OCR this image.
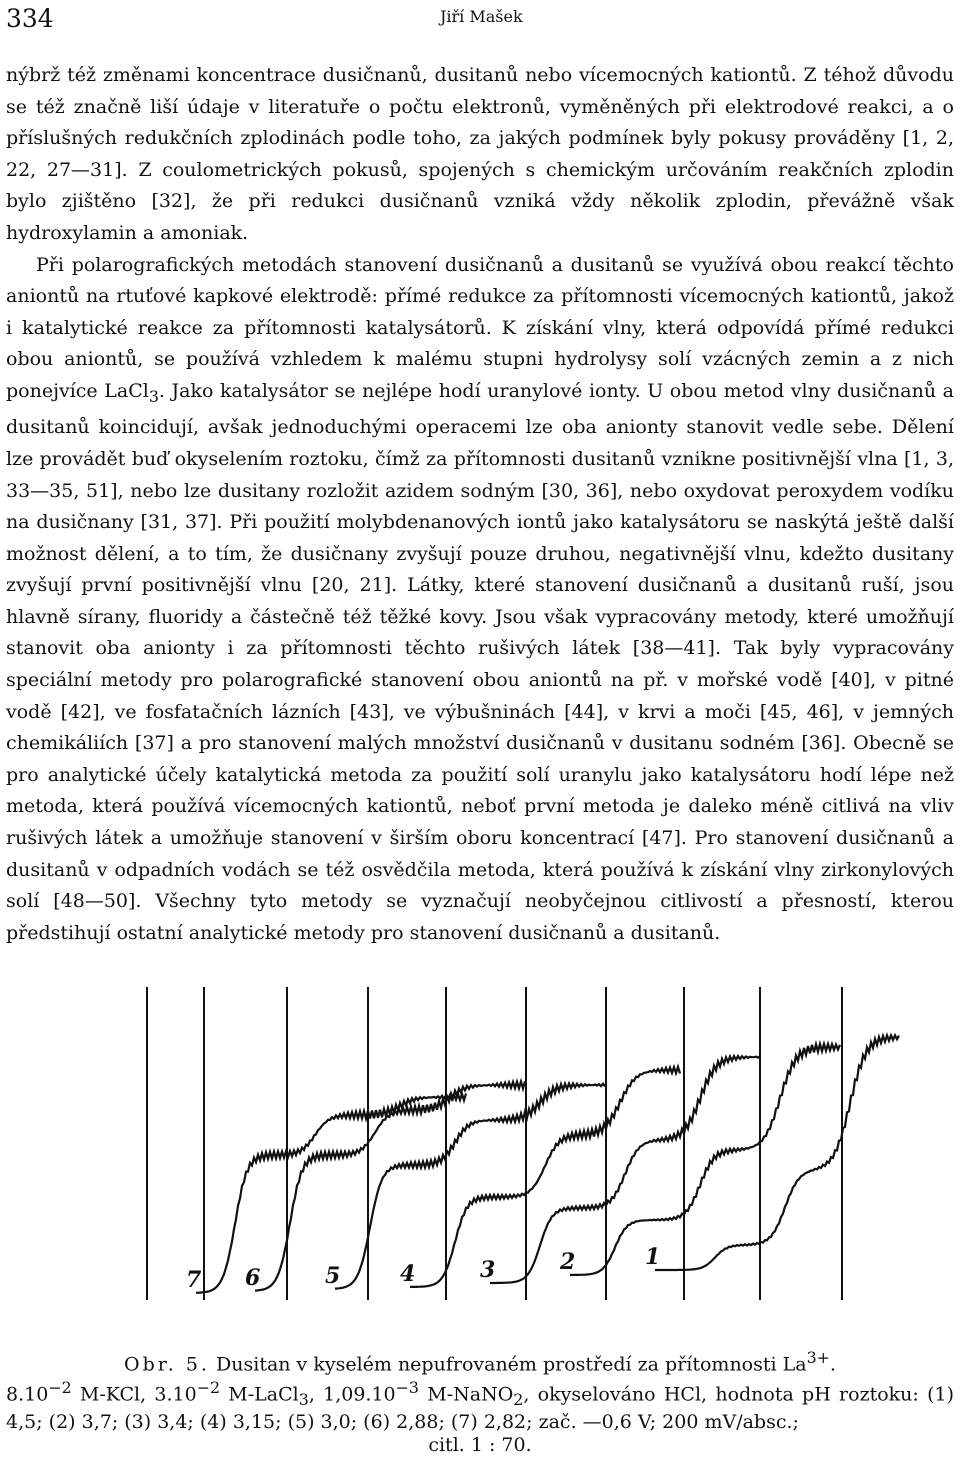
334	Jiří Mašek

nýbrž též změnami koncentrace dusičnanů, dusitanů nebo vícemocných kationtů. Z téhož důvodu se též značně liší údaje v literatuře o počtu elektronů, vyměněných při elektrodové reakci, a o příslušných redukčních zplodinách podle toho, za jakých podmínek byly pokusy prováděny [1, 2, 22, 27—31]. Z coulometrických pokusů, spojených s chemickým určováním reakčních zplodin bylo zjištěno [32], že při redukci dusičnanů vzniká vždy několik zplodin, převážně však hydroxylamin a amoniak.

Při polarografických metodách stanovení dusičnanů a dusitanů se využívá obou reakcí těchto aniontů na rtuťové kapkové elektrodě: přímé redukce za přítomnosti vícemocných kationtů, jakož i katalytické reakce za přítomnosti katalysátorů. K získání vlny, která odpovídá přímé redukci obou aniontů, se používá vzhledem k malému stupni hydrolysy solí vzácných zemin a z nich ponejvíce LaCl$_3$. Jako katalysátor se nejlépe hodí uranylové ionty. U obou metod vlny dusičnanů a dusitanů koincidují, avšak jednoduchými operacemi lze oba anionty stanovit vedle sebe. Dělení lze provádět buď okyselením roztoku, čímž za přítomnosti dusitanů vznikne positivnější vlna [1, 3, 33—35, 51], nebo lze dusitany rozložit azidem sodným [30, 36], nebo oxydovat peroxydem vodíku na dusičnany [31, 37]. Při použití molybdenanových iontů jako katalysátoru se naskýtá ještě další možnost dělení, a to tím, že dusičnany zvyšují pouze druhou, negativnější vlnu, kdežto dusitany zvyšují první positivnější vlnu [20, 21]. Látky, které stanovení dusičnanů a dusitanů ruší, jsou hlavně sírany, fluoridy a částečně též těžké kovy. Jsou však vypracovány metody, které umožňují stanovit oba anionty i za přítomnosti těchto rušivých látek [38—41]. Tak byly vypracovány speciální metody pro polarografické stanovení obou aniontů na př. v mořské vodě [40], v pitné vodě [42], ve fosfatačních lázních [43], ve výbušninách [44], v krvi a moči [45, 46], v jemných chemikáliích [37] a pro stanovení malých množství dusičnanů v dusitanu sodném [36]. Obecně se pro analytické účely katalytická metoda za použití solí uranylu jako katalysátoru hodí lépe než metoda, která používá vícemocných kationtů, neboť první metoda je daleko méně citlivá na vliv rušivých látek a umožňuje stanovení v širším oboru koncentrací [47]. Pro stanovení dusičnanů a dusitanů v odpadních vodách se též osvědčila metoda, která používá k získání vlny zirkonylových solí [48—50]. Všechny tyto metody se vyznačují neobyčejnou citlivostí a přesností, kterou předstihují ostatní analytické metody pro stanovení dusičnanů a dusitanů.

7 6	5	4	3	2	1
Obr. 5. Dusitan v kyselém nepufrovaném prostředí za přítomnosti $La^{3+}$.
$8.10^{-2}$ M-KCl, $3.10^{-2}$ M-LaCl$_3$, $1,09.10^{-3}$ M-NaNO$_2$, okyselováno HCl, hodnota pH roztoku: (1) 4,5; (2) 3,7; (3) 3,4; (4) 3,15; (5) 3,0; (6) 2,88; (7) 2,82; zač. —0,6 V; 200 mV/absc.;
citl. 1 : 70.
